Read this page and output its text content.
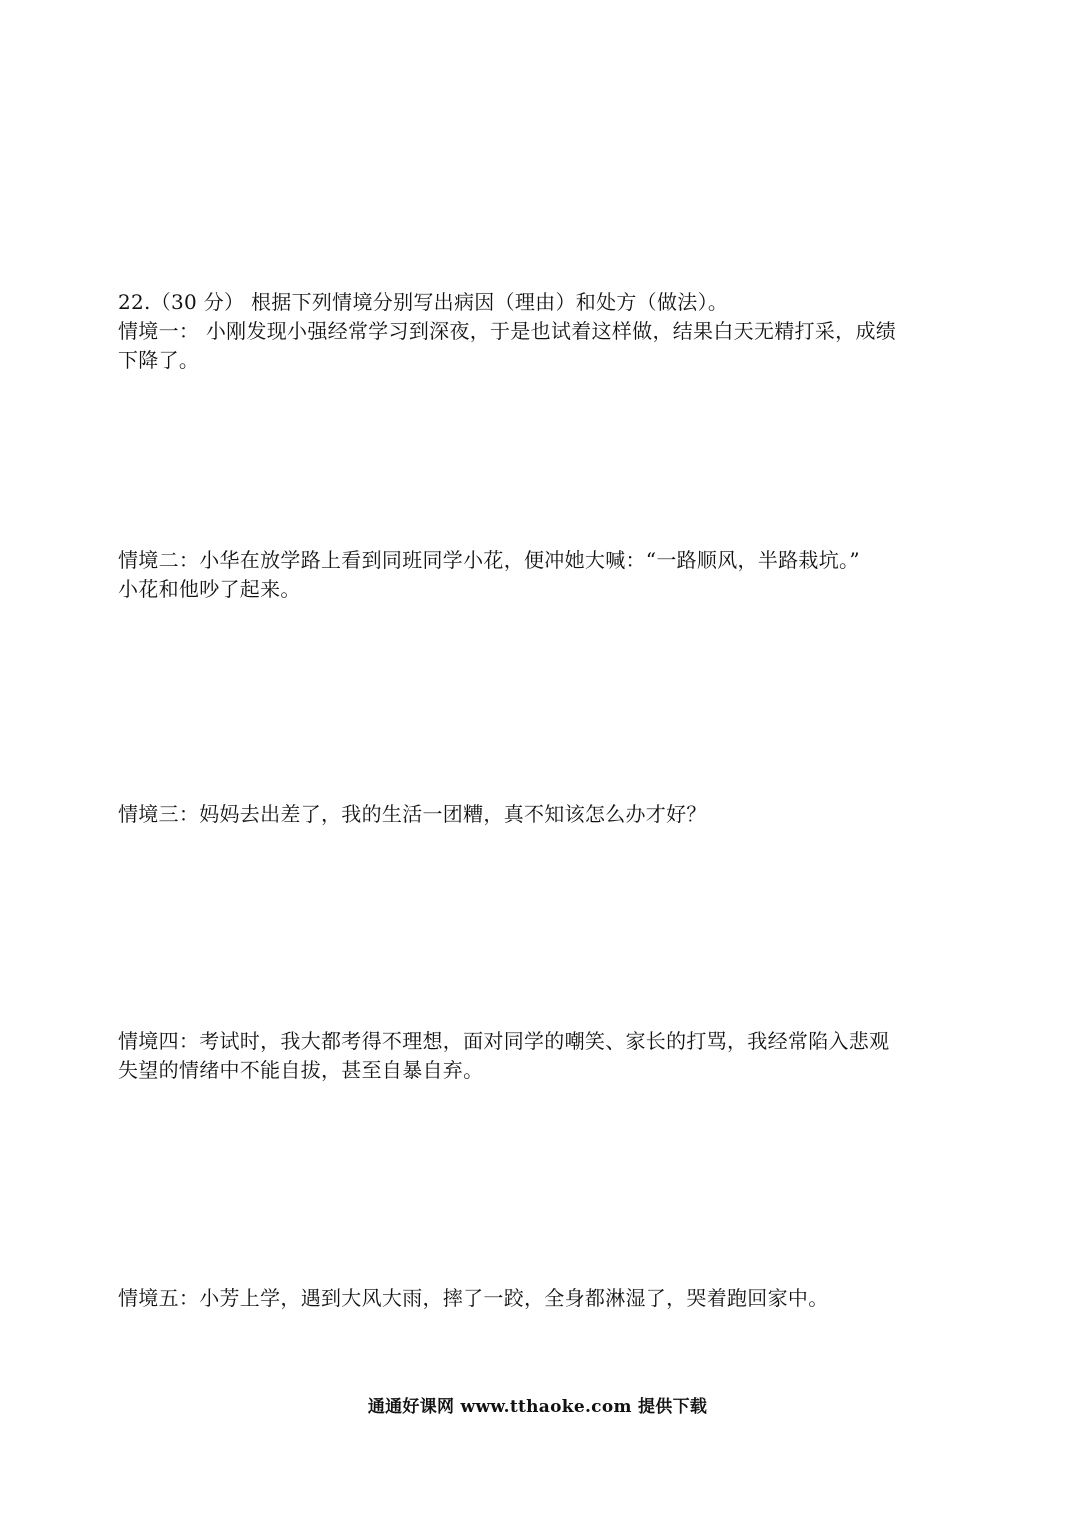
22.（30 分） 根据下列情境分别写出病因（理由）和处方（做法）。
情境一： 小刚发现小强经常学习到深夜，于是也试着这样做，结果白天无精打采，成绩
下降了。
情境二：小华在放学路上看到同班同学小花，便冲她大喊：“一路顺风，半路栽坑。”
小花和他吵了起来。
情境三：妈妈去出差了，我的生活一团糟，真不知该怎么办才好？
情境四：考试时，我大都考得不理想，面对同学的嘲笑、家长的打骂，我经常陷入悲观
失望的情绪中不能自拔，甚至自暴自弃。
情境五：小芳上学，遇到大风大雨，摔了一跤，全身都淋湿了，哭着跑回家中。
通通好课网 www.tthaoke.com 提供下载
